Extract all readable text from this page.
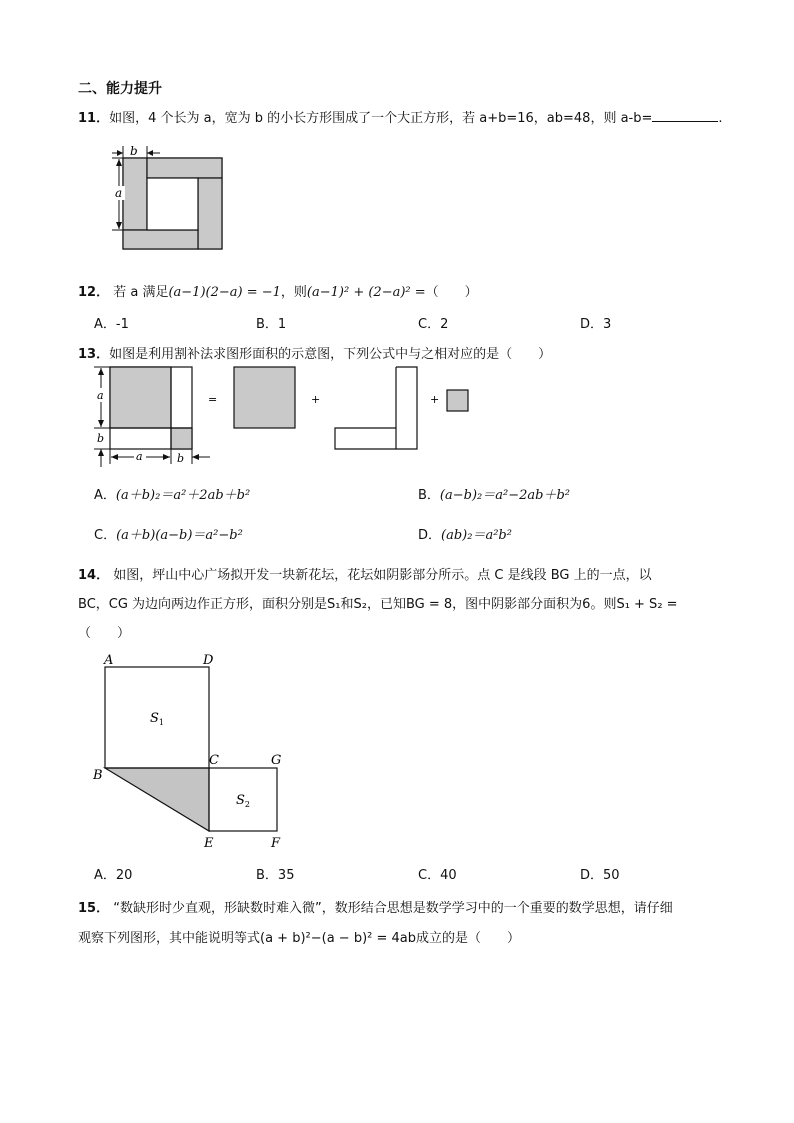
二、能力提升
11．如图，4 个长为 a，宽为 b 的小长方形围成了一个大正方形，若 a+b=16，ab=48，则 a-b=	.
b
a
12． 若 a 满足(a−1)(2−a) = −1，则(a−1)² + (2−a)² =（　　）
A．-1	B．1	C．2	D．3
13．如图是利用割补法求图形面积的示意图，下列公式中与之相对应的是（　　）
a
b
a	b
=	+	+
A．(a＋b)₂＝a²＋2ab＋b²	B．(a−b)₂＝a²−2ab＋b²
C．(a＋b)(a−b)＝a²−b²	D．(ab)₂＝a²b²
14． 如图，坪山中心广场拟开发一块新花坛，花坛如阴影部分所示。点 C 是线段 BG 上的一点，以
BC，CG 为边向两边作正方形，面积分别是S₁和S₂，已知BG = 8，图中阴影部分面积为6。则S₁ + S₂ =
（　　）
A	D
B
C	G
E	F
$S_1$
$S_2$
A．20	B．35	C．40	D．50
15． “数缺形时少直观，形缺数时难入微”，数形结合思想是数学学习中的一个重要的数学思想，请仔细
观察下列图形，其中能说明等式(a + b)²−(a − b)² = 4ab成立的是（　　）
